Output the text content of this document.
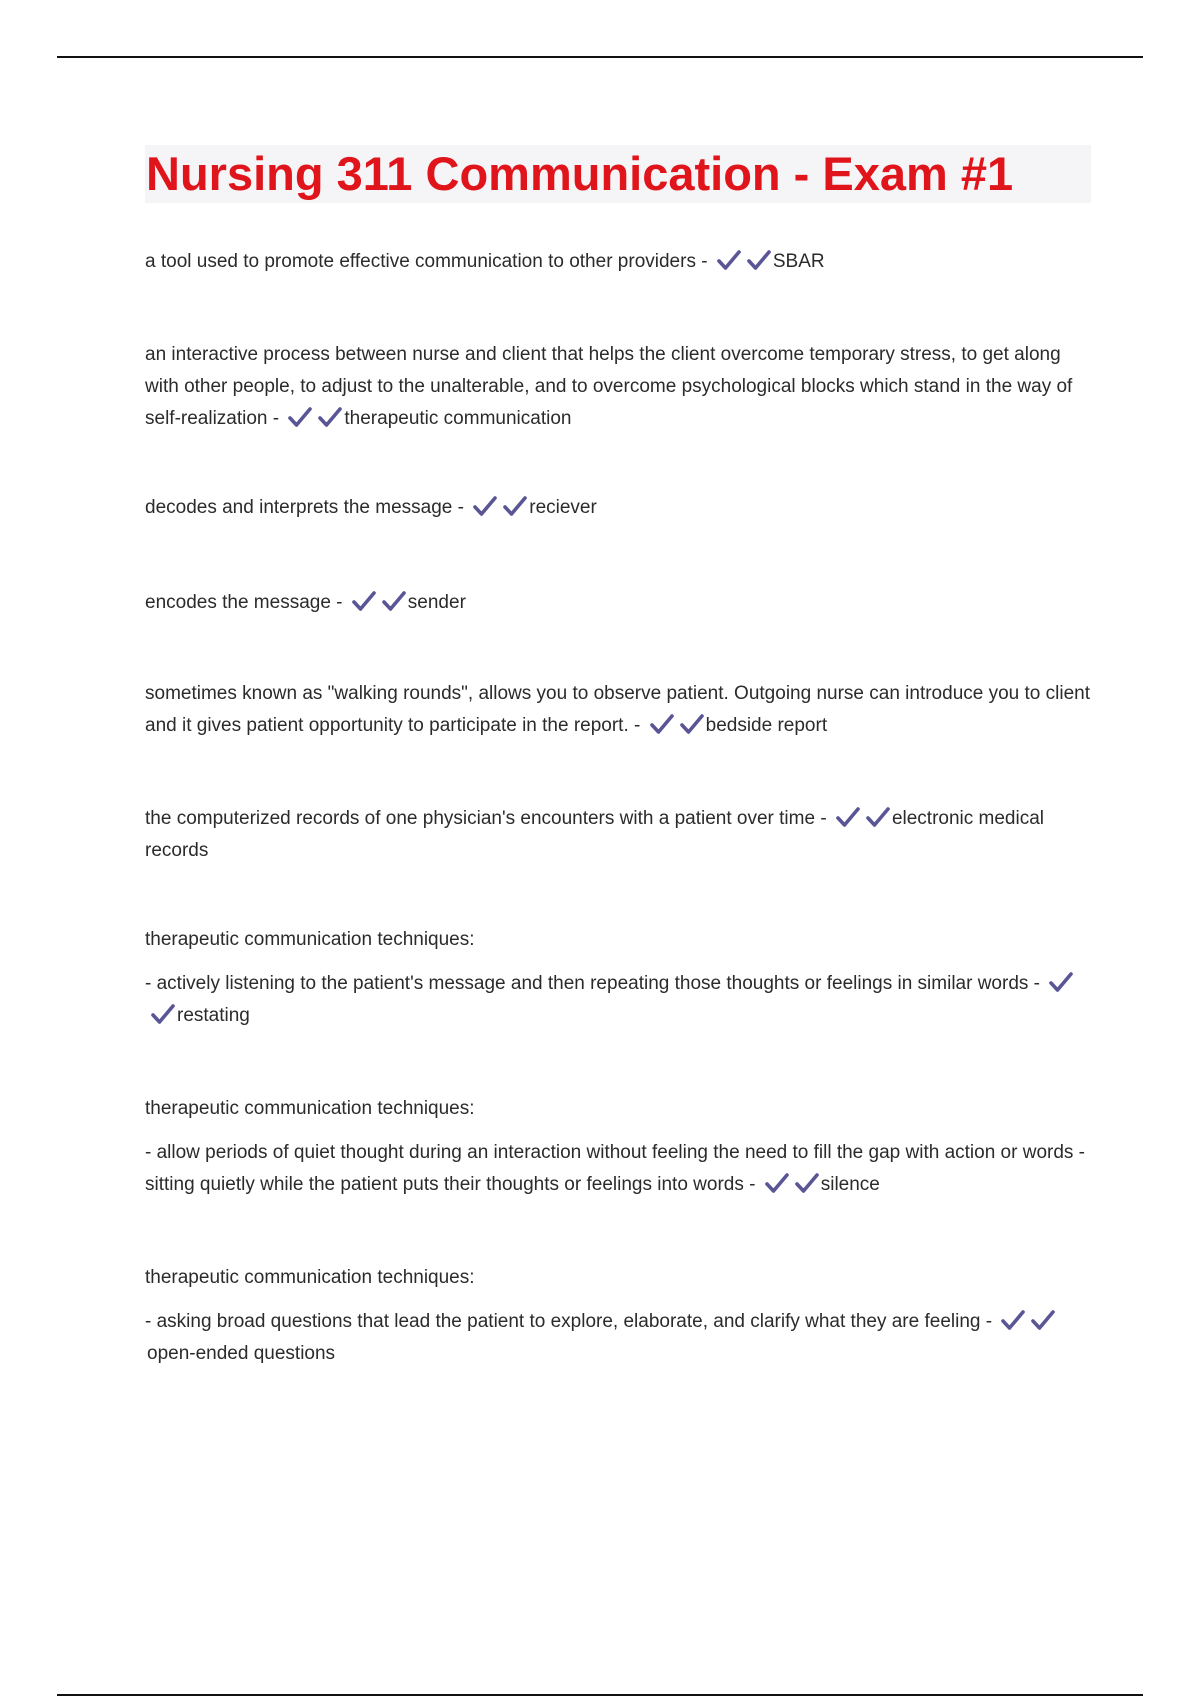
Nursing 311 Communication - Exam #1

a tool used to promote effective communication to other providers -	SBAR

an interactive process between nurse and client that helps the client overcome temporary stress, to get along with other people, to adjust to the unalterable, and to overcome psychological blocks which stand in the way of self-realization -	therapeutic communication

decodes and interprets the message -	reciever

encodes the message -	sender

sometimes known as "walking rounds", allows you to observe patient. Outgoing nurse can introduce you to client and it gives patient opportunity to participate in the report. -	bedside report

the computerized records of one physician's encounters with a patient over time -	electronic medical records

therapeutic communication techniques:

- actively listening to the patient's message and then repeating those thoughts or feelings in similar words -
restating

therapeutic communication techniques:

- allow periods of quiet thought during an interaction without feeling the need to fill the gap with action or words - sitting quietly while the patient puts their thoughts or feelings into words -	silence

therapeutic communication techniques:

- asking broad questions that lead the patient to explore, elaborate, and clarify what they are feeling -
open-ended questions
